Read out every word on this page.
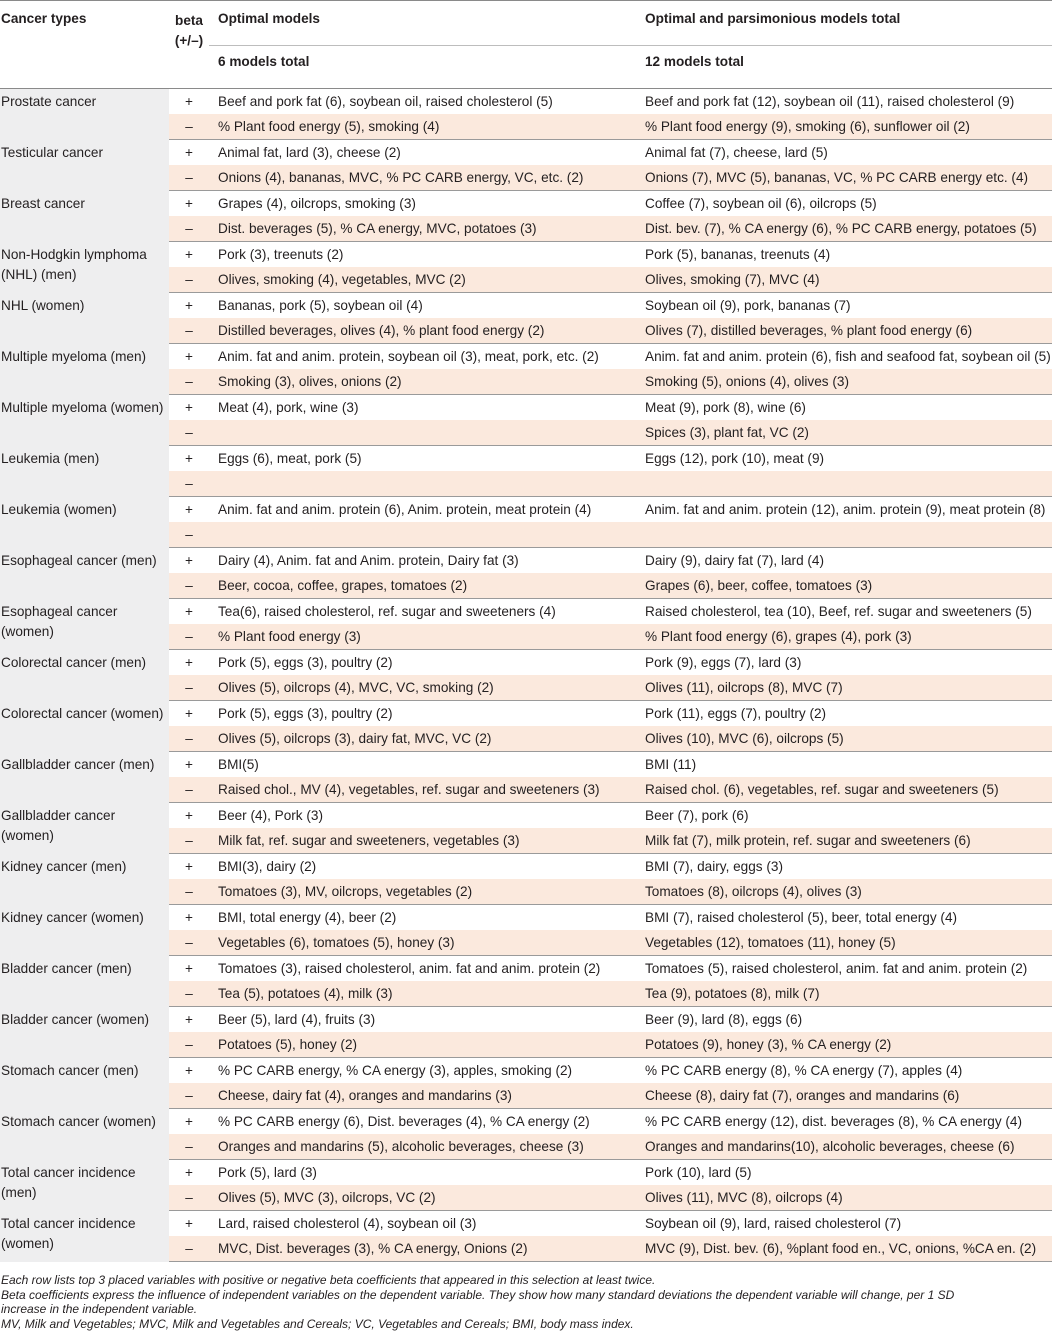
Cancer types	beta (+/–)	Optimal models	Optimal and parsimonious models total
		6 models total	12 models total
Prostate cancer	+	Beef and pork fat (6), soybean oil, raised cholesterol (5)	Beef and pork fat (12), soybean oil (11), raised cholesterol (9)
	–	% Plant food energy (5), smoking (4)	% Plant food energy (9), smoking (6), sunflower oil (2)
Testicular cancer	+	Animal fat, lard (3), cheese (2)	Animal fat (7), cheese, lard (5)
	–	Onions (4), bananas, MVC, % PC CARB energy, VC, etc. (2)	Onions (7), MVC (5), bananas, VC, % PC CARB energy etc. (4)
Breast cancer	+	Grapes (4), oilcrops, smoking (3)	Coffee (7), soybean oil (6), oilcrops (5)
	–	Dist. beverages (5), % CA energy, MVC, potatoes (3)	Dist. bev. (7), % CA energy (6), % PC CARB energy, potatoes (5)
Non-Hodgkin lymphoma (NHL) (men)	+	Pork (3), treenuts (2)	Pork (5), bananas, treenuts (4)
	–	Olives, smoking (4), vegetables, MVC (2)	Olives, smoking (7), MVC (4)
NHL (women)	+	Bananas, pork (5), soybean oil (4)	Soybean oil (9), pork, bananas (7)
	–	Distilled beverages, olives (4), % plant food energy (2)	Olives (7), distilled beverages, % plant food energy (6)
Multiple myeloma (men)	+	Anim. fat and anim. protein, soybean oil (3), meat, pork, etc. (2)	Anim. fat and anim. protein (6), fish and seafood fat, soybean oil (5)
	–	Smoking (3), olives, onions (2)	Smoking (5), onions (4), olives (3)
Multiple myeloma (women)	+	Meat (4), pork, wine (3)	Meat (9), pork (8), wine (6)
	–		Spices (3), plant fat, VC (2)
Leukemia (men)	+	Eggs (6), meat, pork (5)	Eggs (12), pork (10), meat (9)
	–		
Leukemia (women)	+	Anim. fat and anim. protein (6), Anim. protein, meat protein (4)	Anim. fat and anim. protein (12), anim. protein (9), meat protein (8)
	–		
Esophageal cancer (men)	+	Dairy (4), Anim. fat and Anim. protein, Dairy fat (3)	Dairy (9), dairy fat (7), lard (4)
	–	Beer, cocoa, coffee, grapes, tomatoes (2)	Grapes (6), beer, coffee, tomatoes (3)
Esophageal cancer (women)	+	Tea(6), raised cholesterol, ref. sugar and sweeteners (4)	Raised cholesterol, tea (10), Beef, ref. sugar and sweeteners (5)
	–	% Plant food energy (3)	% Plant food energy (6), grapes (4), pork (3)
Colorectal cancer (men)	+	Pork (5), eggs (3), poultry (2)	Pork (9), eggs (7), lard (3)
	–	Olives (5), oilcrops (4), MVC, VC, smoking (2)	Olives (11), oilcrops (8), MVC (7)
Colorectal cancer (women)	+	Pork (5), eggs (3), poultry (2)	Pork (11), eggs (7), poultry (2)
	–	Olives (5), oilcrops (3), dairy fat, MVC, VC (2)	Olives (10), MVC (6), oilcrops (5)
Gallbladder cancer (men)	+	BMI(5)	BMI (11)
	–	Raised chol., MV (4), vegetables, ref. sugar and sweeteners (3)	Raised chol. (6), vegetables, ref. sugar and sweeteners (5)
Gallbladder cancer (women)	+	Beer (4), Pork (3)	Beer (7), pork (6)
	–	Milk fat, ref. sugar and sweeteners, vegetables (3)	Milk fat (7), milk protein, ref. sugar and sweeteners (6)
Kidney cancer (men)	+	BMI(3), dairy (2)	BMI (7), dairy, eggs (3)
	–	Tomatoes (3), MV, oilcrops, vegetables (2)	Tomatoes (8), oilcrops (4), olives (3)
Kidney cancer (women)	+	BMI, total energy (4), beer (2)	BMI (7), raised cholesterol (5), beer, total energy (4)
	–	Vegetables (6), tomatoes (5), honey (3)	Vegetables (12), tomatoes (11), honey (5)
Bladder cancer (men)	+	Tomatoes (3), raised cholesterol, anim. fat and anim. protein (2)	Tomatoes (5), raised cholesterol, anim. fat and anim. protein (2)
	–	Tea (5), potatoes (4), milk (3)	Tea (9), potatoes (8), milk (7)
Bladder cancer (women)	+	Beer (5), lard (4), fruits (3)	Beer (9), lard (8), eggs (6)
	–	Potatoes (5), honey (2)	Potatoes (9), honey (3), % CA energy (2)
Stomach cancer (men)	+	% PC CARB energy, % CA energy (3), apples, smoking (2)	% PC CARB energy (8), % CA energy (7), apples (4)
	–	Cheese, dairy fat (4), oranges and mandarins (3)	Cheese (8), dairy fat (7), oranges and mandarins (6)
Stomach cancer (women)	+	% PC CARB energy (6), Dist. beverages (4), % CA energy (2)	% PC CARB energy (12), dist. beverages (8), % CA energy (4)
	–	Oranges and mandarins (5), alcoholic beverages, cheese (3)	Oranges and mandarins(10), alcoholic beverages, cheese (6)
Total cancer incidence (men)	+	Pork (5), lard (3)	Pork (10), lard (5)
	–	Olives (5), MVC (3), oilcrops, VC (2)	Olives (11), MVC (8), oilcrops (4)
Total cancer incidence (women)	+	Lard, raised cholesterol (4), soybean oil (3)	Soybean oil (9), lard, raised cholesterol (7)
	–	MVC, Dist. beverages (3), % CA energy, Onions (2)	MVC (9), Dist. bev. (6), %plant food en., VC, onions, %CA en. (2)
Each row lists top 3 placed variables with positive or negative beta coefficients that appeared in this selection at least twice.
Beta coefficients express the influence of independent variables on the dependent variable. They show how many standard deviations the dependent variable will change, per 1 SD
increase in the independent variable.
MV, Milk and Vegetables; MVC, Milk and Vegetables and Cereals; VC, Vegetables and Cereals; BMI, body mass index.
